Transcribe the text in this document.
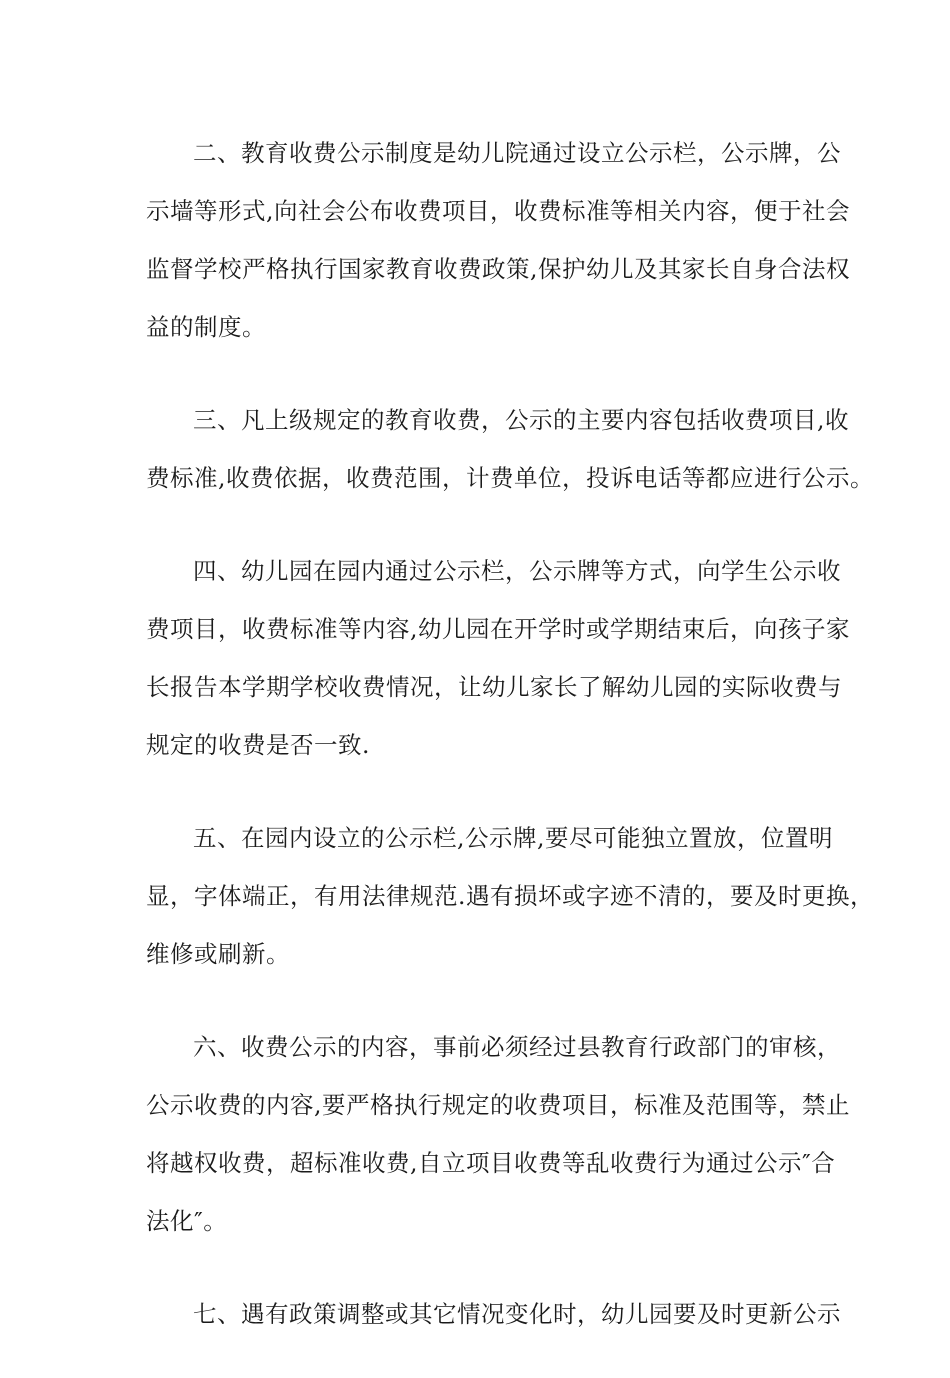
二、教育收费公示制度是幼儿院通过设立公示栏，公示牌，公
示墙等形式,向社会公布收费项目，收费标准等相关内容，便于社会
监督学校严格执行国家教育收费政策,保护幼儿及其家长自身合法权
益的制度。
三、凡上级规定的教育收费，公示的主要内容包括收费项目,收
费标准,收费依据，收费范围，计费单位，投诉电话等都应进行公示。
四、幼儿园在园内通过公示栏，公示牌等方式，向学生公示收
费项目，收费标准等内容,幼儿园在开学时或学期结束后，向孩子家
长报告本学期学校收费情况，让幼儿家长了解幼儿园的实际收费与
规定的收费是否一致.
五、在园内设立的公示栏,公示牌,要尽可能独立置放，位置明
显，字体端正，有用法律规范.遇有损坏或字迹不清的，要及时更换，
维修或刷新。
六、收费公示的内容，事前必须经过县教育行政部门的审核，
公示收费的内容,要严格执行规定的收费项目，标准及范围等，禁止
将越权收费，超标准收费,自立项目收费等乱收费行为通过公示″合
法化″。
七、遇有政策调整或其它情况变化时，幼儿园要及时更新公示
